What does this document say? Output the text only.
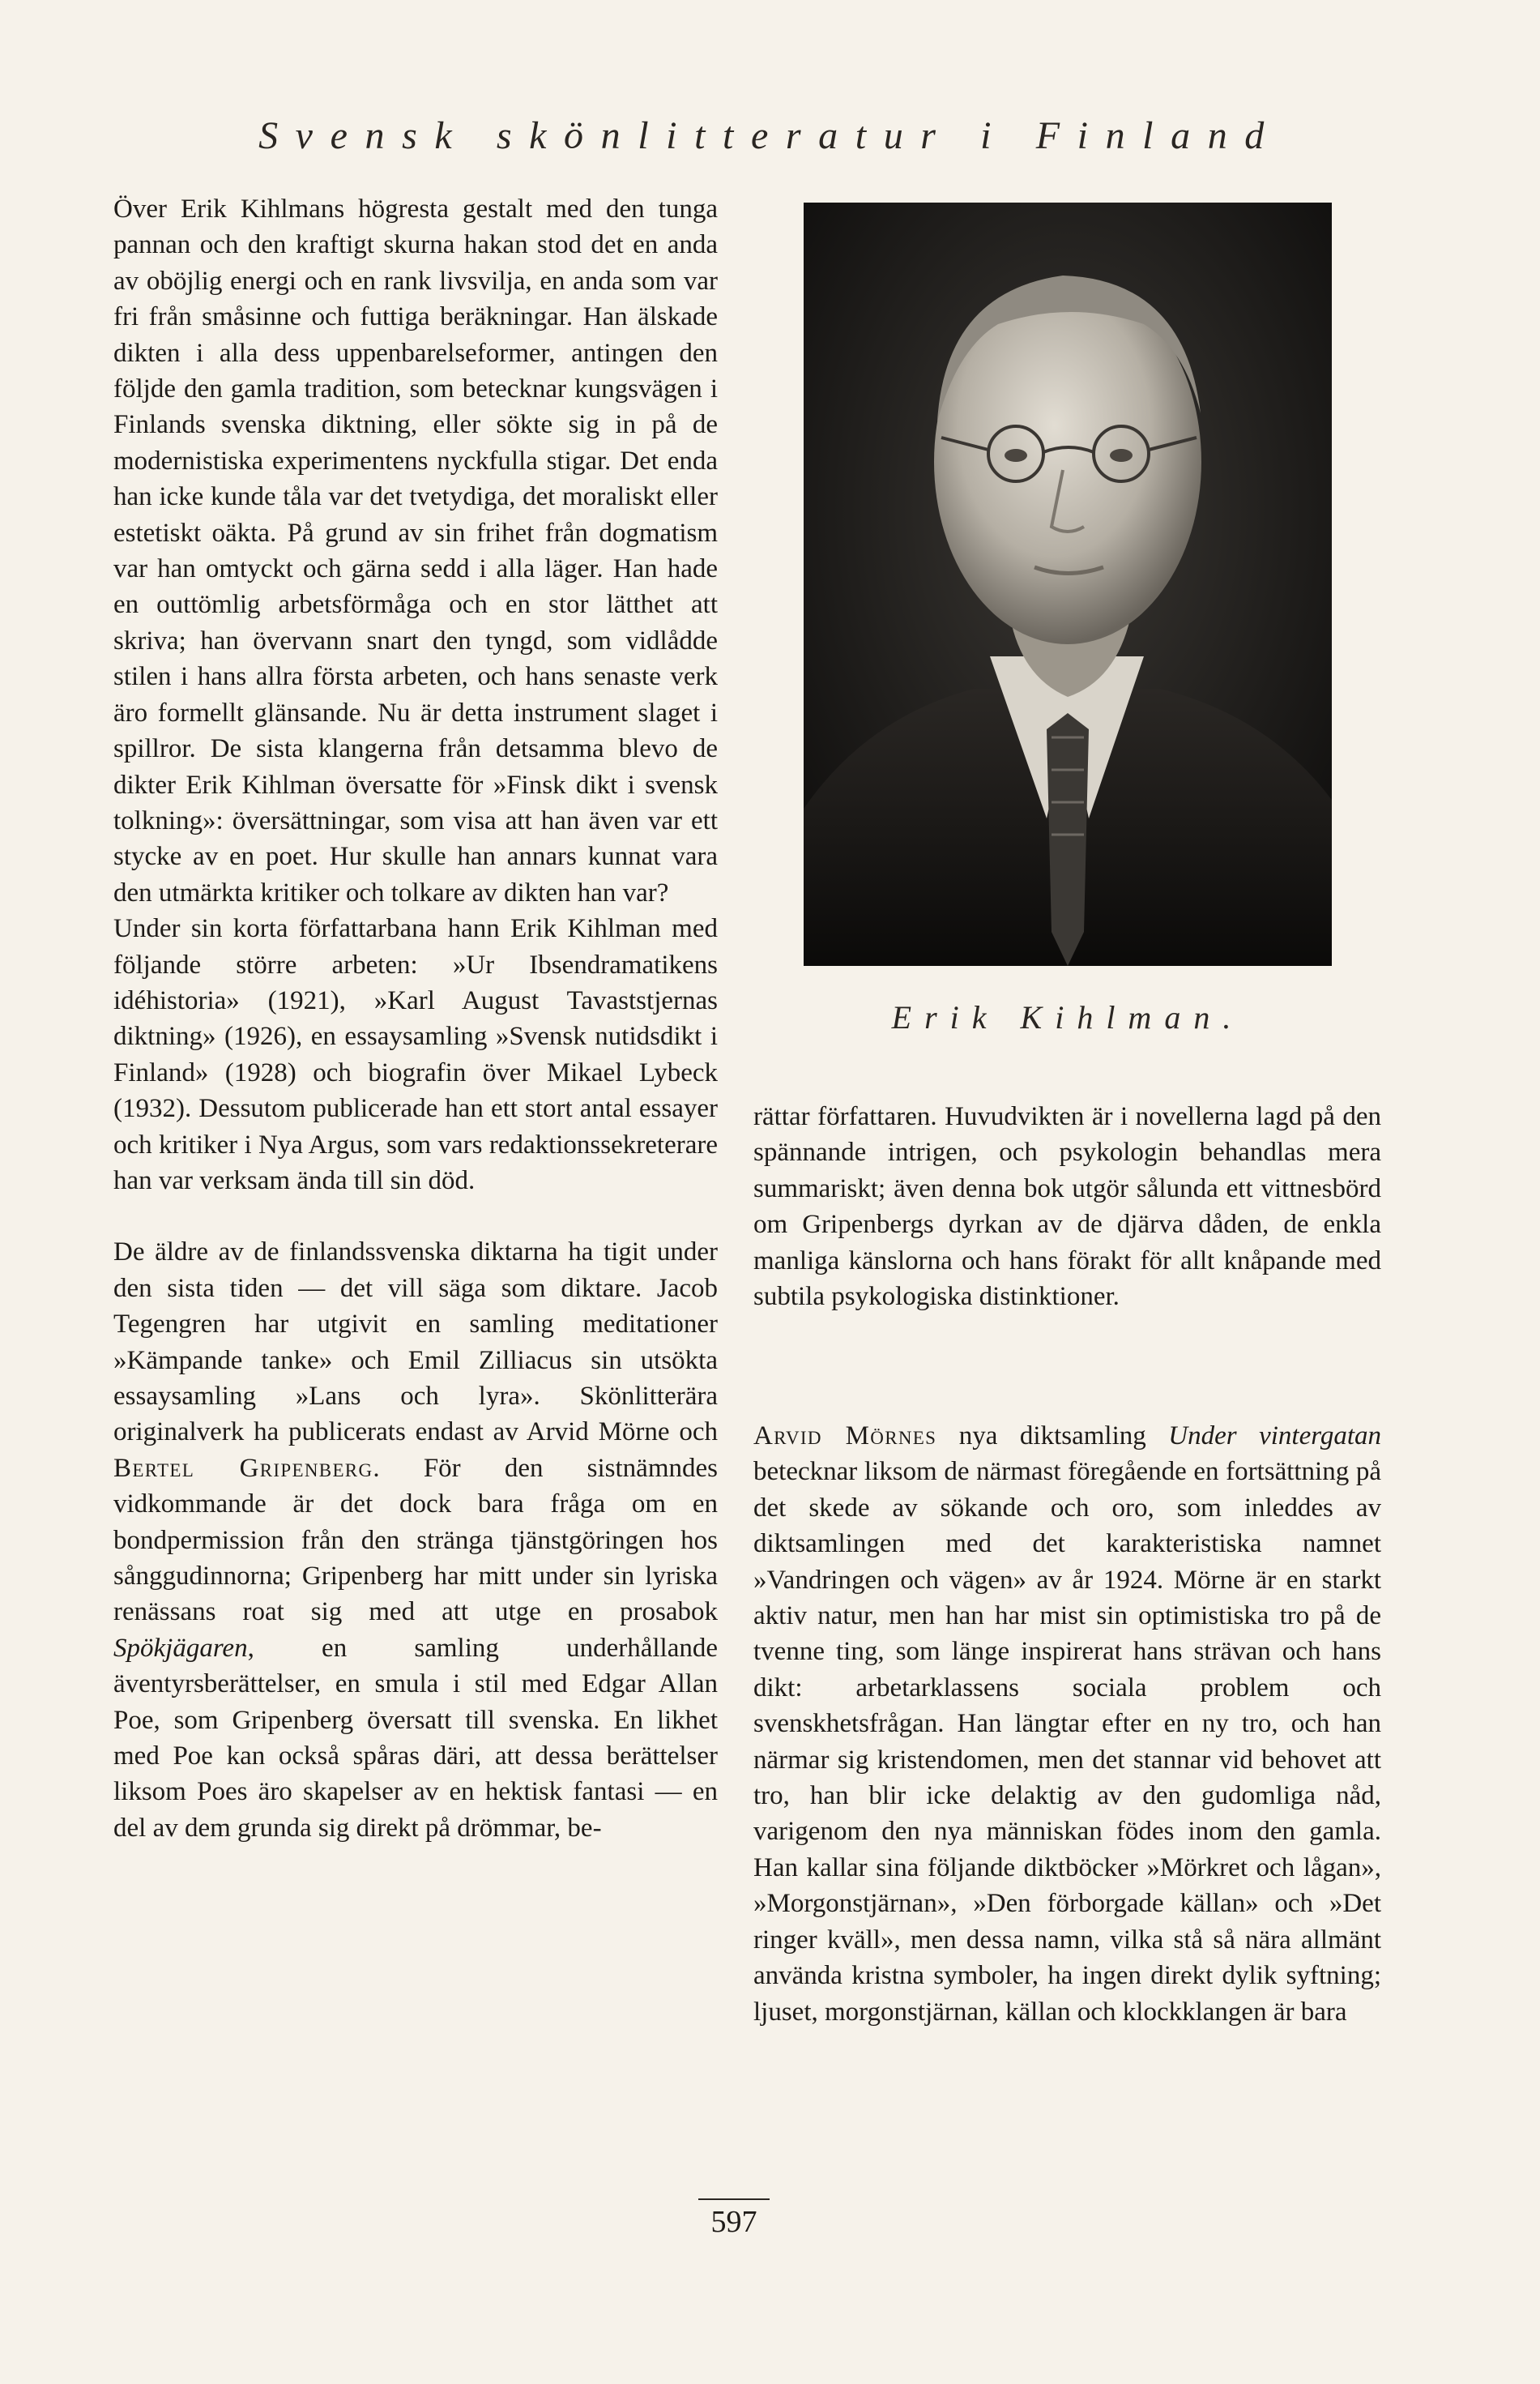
Svensk skönlitteratur i Finland

Över Erik Kihlmans högresta gestalt med den tunga pannan och den kraftigt skurna hakan stod det en anda av oböjlig energi och en rank livsvilja, en anda som var fri från småsinne och futtiga beräkningar. Han älskade dikten i alla dess uppenbarelseformer, antingen den följde den gamla tradition, som betecknar kungsvägen i Finlands svenska diktning, eller sökte sig in på de modernistiska experimentens nyckfulla stigar. Det enda han icke kunde tåla var det tvetydiga, det moraliskt eller estetiskt oäkta. På grund av sin frihet från dogmatism var han omtyckt och gärna sedd i alla läger. Han hade en outtömlig arbetsförmåga och en stor lätthet att skriva; han övervann snart den tyngd, som vidlådde stilen i hans allra första arbeten, och hans senaste verk äro formellt glänsande. Nu är detta instrument slaget i spillror. De sista klangerna från detsamma blevo de dikter Erik Kihlman översatte för »Finsk dikt i svensk tolkning»: översättningar, som visa att han även var ett stycke av en poet. Hur skulle han annars kunnat vara den utmärkta kritiker och tolkare av dikten han var?

Under sin korta författarbana hann Erik Kihlman med följande större arbeten: »Ur Ibsendramatikens idéhistoria» (1921), »Karl August Tavaststjernas diktning» (1926), en essaysamling »Svensk nutidsdikt i Finland» (1928) och biografin över Mikael Lybeck (1932). Dessutom publicerade han ett stort antal essayer och kritiker i Nya Argus, som vars redaktionssekreterare han var verksam ända till sin död.

De äldre av de finlandssvenska diktarna ha tigit under den sista tiden — det vill säga som diktare. Jacob Tegengren har utgivit en samling meditationer »Kämpande tanke» och Emil Zilliacus sin utsökta essaysamling »Lans och lyra». Skönlitterära originalverk ha publicerats endast av Arvid Mörne och Bertel Gripenberg. För den sistnämndes vidkommande är det dock bara fråga om en bondpermission från den stränga tjänstgöringen hos sånggudinnorna; Gripenberg har mitt under sin lyriska renässans roat sig med att utge en prosabok Spökjägaren, en samling underhållande äventyrsberättelser, en smula i stil med Edgar Allan Poe, som Gripenberg översatt till svenska. En likhet med Poe kan också spåras däri, att dessa berättelser liksom Poes äro skapelser av en hektisk fantasi — en del av dem grunda sig direkt på drömmar, be-

Erik Kihlman.

rättar författaren. Huvudvikten är i novellerna lagd på den spännande intrigen, och psykologin behandlas mera summariskt; även denna bok utgör sålunda ett vittnesbörd om Gripenbergs dyrkan av de djärva dåden, de enkla manliga känslorna och hans förakt för allt knåpande med subtila psykologiska distinktioner.

Arvid Mörnes nya diktsamling Under vintergatan betecknar liksom de närmast föregående en fortsättning på det skede av sökande och oro, som inleddes av diktsamlingen med det karakteristiska namnet »Vandringen och vägen» av år 1924. Mörne är en starkt aktiv natur, men han har mist sin optimistiska tro på de tvenne ting, som länge inspirerat hans strävan och hans dikt: arbetarklassens sociala problem och svenskhetsfrågan. Han längtar efter en ny tro, och han närmar sig kristendomen, men det stannar vid behovet att tro, han blir icke delaktig av den gudomliga nåd, varigenom den nya människan födes inom den gamla. Han kallar sina följande diktböcker »Mörkret och lågan», »Morgonstjärnan», »Den förborgade källan» och »Det ringer kväll», men dessa namn, vilka stå så nära allmänt använda kristna symboler, ha ingen direkt dylik syftning; ljuset, morgonstjärnan, källan och klockklangen är bara

597
